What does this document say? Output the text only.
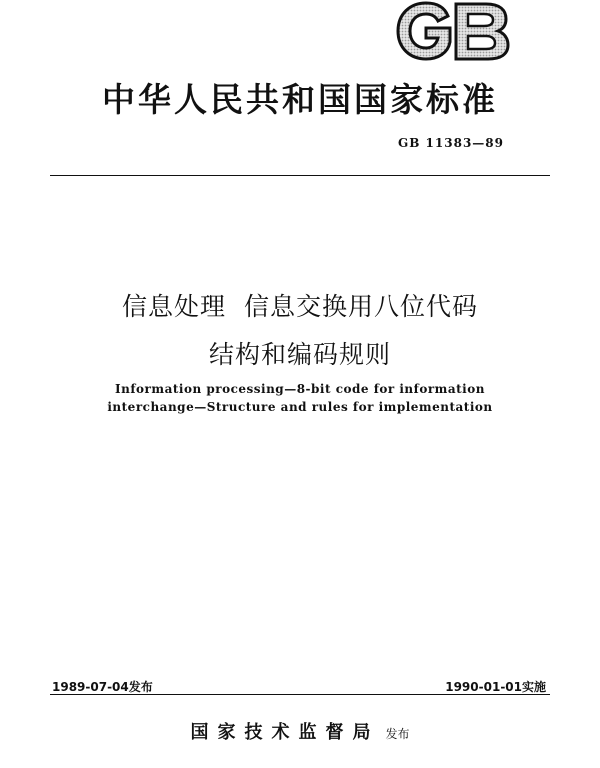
中华人民共和国国家标准
GB 11383—89
信息处理  信息交换用八位代码
结构和编码规则
Information processing—8-bit code for information
interchange—Structure and rules for implementation
1989-07-04发布	1990-01-01实施
国家技术监督局 发布
